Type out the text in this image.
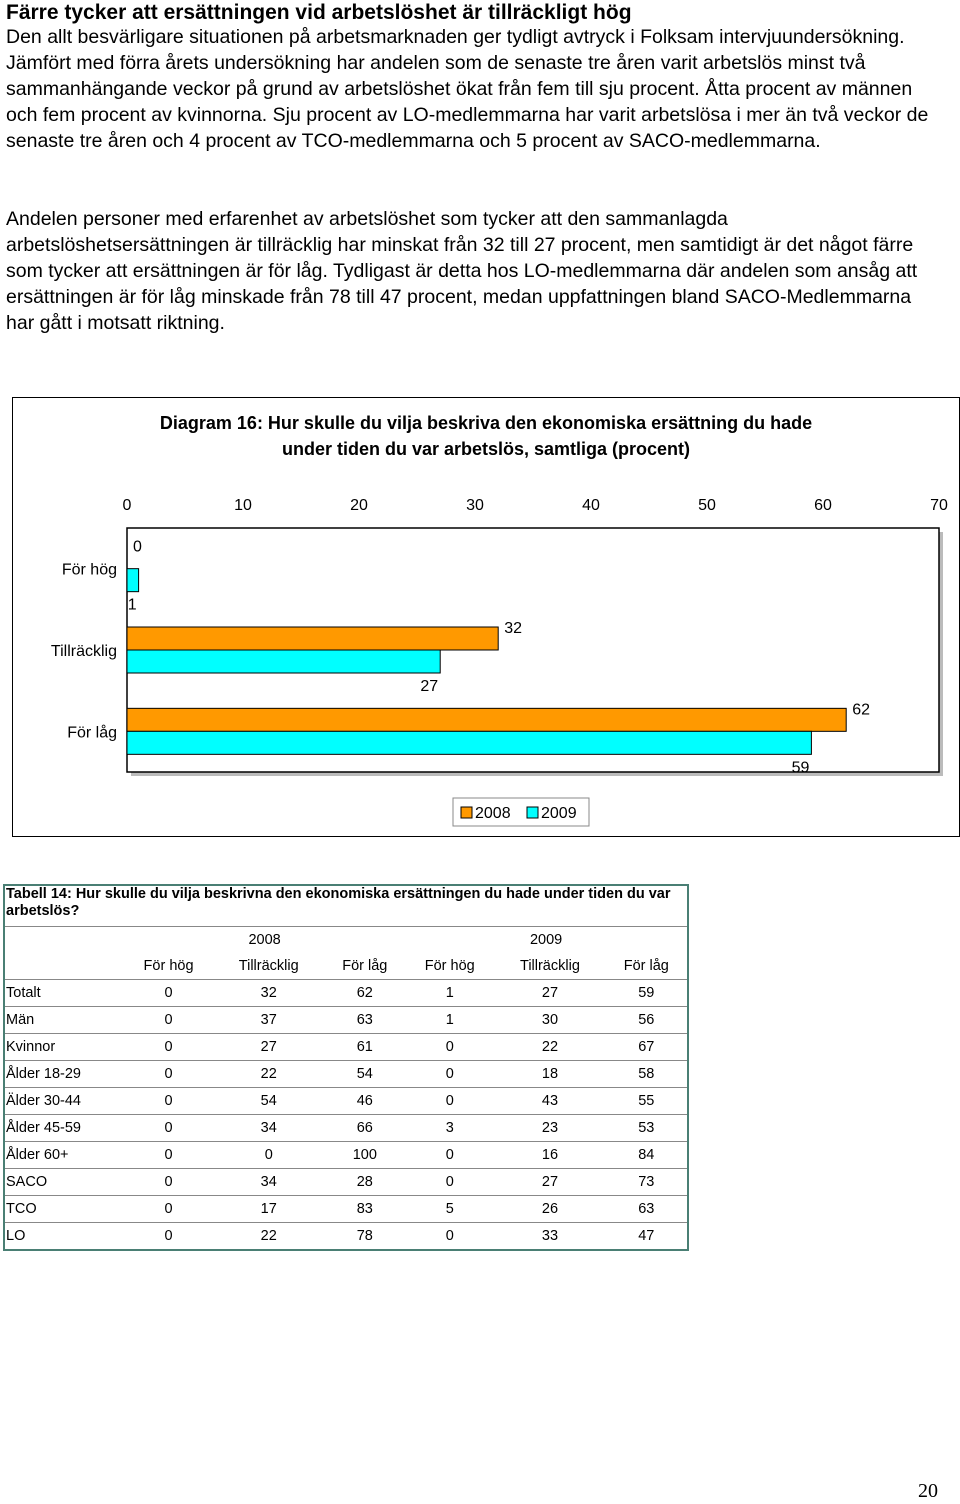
Färre tycker att ersättningen vid arbetslöshet är tillräckligt hög
Den allt besvärligare situationen på arbetsmarknaden ger tydligt avtryck i Folksam intervjuundersökning. Jämfört med förra årets undersökning har andelen som de senaste tre åren varit arbetslös minst två sammanhängande veckor på grund av arbetslöshet ökat från fem till sju procent. Åtta procent av männen och fem procent av kvinnorna. Sju procent av LO-medlemmarna har varit arbetslösa i mer än två veckor de senaste tre åren och 4 procent av TCO-medlemmarna och 5 procent av SACO-medlemmarna.
Andelen personer med erfarenhet av arbetslöshet som tycker att den sammanlagda arbetslöshetsersättningen är tillräcklig har minskat från 32 till 27 procent, men samtidigt är det något färre som tycker att ersättningen är för låg. Tydligast är detta hos LO-medlemmarna där andelen som ansåg att ersättningen är för låg minskade från 78 till 47 procent, medan uppfattningen bland SACO-Medlemmarna har gått i motsatt riktning.
Diagram 16: Hur skulle du vilja beskriva den ekonomiska ersättning du hade
under tiden du var arbetslös, samtliga (procent)
0	10	20	30	40	50	60	70
För hög
0
1
Tillräcklig
32
27
För låg
62
59
2008 2009
Tabell 14: Hur skulle du vilja beskrivna den ekonomiska ersättningen du hade under tiden du var arbetslös?						
	2008			2009		
	För hög	Tillräcklig	För låg	För hög	Tillräcklig	För låg
Totalt	0	32	62	1	27	59
Män	0	37	63	1	30	56
Kvinnor	0	27	61	0	22	67
Ålder 18-29	0	22	54	0	18	58
Älder 30-44	0	54	46	0	43	55
Ålder 45-59	0	34	66	3	23	53
Ålder 60+	0	0	100	0	16	84
SACO	0	34	28	0	27	73
TCO	0	17	83	5	26	63
LO	0	22	78	0	33	47
20
